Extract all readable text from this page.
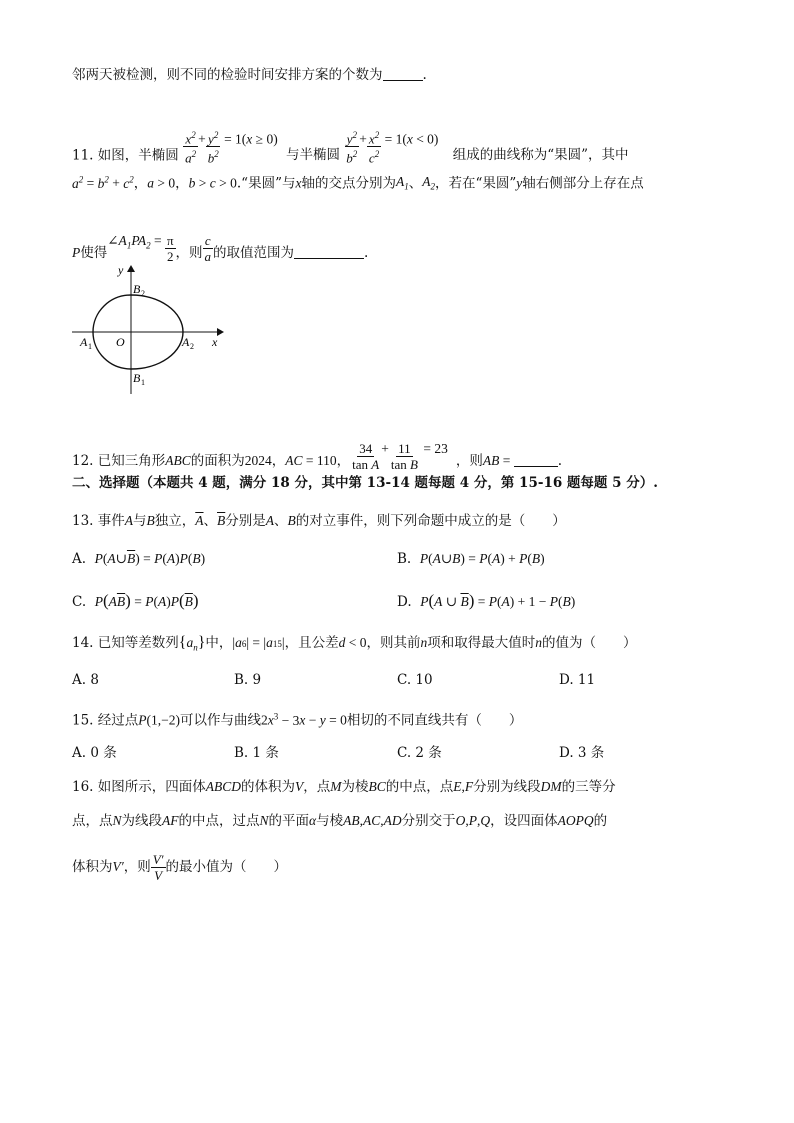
邻两天被检测，则不同的检验时间安排方案的个数为	.
11. 如图，半椭圆 $\frac{x^2}{a^2} + \frac{y^2}{b^2} = 1(x \ge 0)$ 与半椭圆 $\frac{y^2}{b^2} + \frac{x^2}{c^2} = 1(x < 0)$ 组成的曲线称为“果圆”，其中
$a^2 = b^2 + c^2$，a > 0，b > c > 0.“果圆”与x轴的交点分别为$A_1$、$A_2$，若在“果圆”y轴右侧部分上存在点
P使得$\angle A_1PA_2 = \frac{\pi}{2}$ ，则 $\frac{c}{a}$ 的取值范围为	.
y
x
O
A 1	A 2
B 2
B 1
12. 已知三角形ABC的面积为2024，AC = 110， $\frac{34}{\text{tan A}} + \frac{11}{\text{tan B}} = 23$，则AB =	.
二、选择题（本题共 4 题，满分 18 分，其中第 13-14 题每题 4 分，第 15-16 题每题 5 分）.
13. 事件A与B独立，$\overline{A}$、$\overline{B}$分别是A、B的对立事件，则下列命题中成立的是（　　）
A. $P(A\cup\overline{B}) = P(A)P(B)$	B. P(A∪B) = P(A) + P(B)
C. $P(A\overline{B}) = P(A)P(\overline{B})$	D. P(A ∪ $\overline{B}) = P(A) + 1 - P(B)$
14. 已知等差数列$\{a_n\}$中，|a6| = |a15|，且公差d < 0，则其前n项和取得最大值时n的值为（　　）
A. 8	B. 9	C. 10	D. 11
15. 经过点P(1,−2)可以作与曲线$2x^3 - 3x - y = 0$相切的不同直线共有（　　）
A. 0 条	B. 1 条	C. 2 条	D. 3 条
16. 如图所示，四面体ABCD的体积为V，点M为棱BC的中点，点E,F分别为线段DM的三等分
点，点N为线段AF的中点，过点N的平面α与棱AB,AC,AD分别交于O,P,Q，设四面体AOPQ的
体积为V′，则 $\frac{V'}{V}$ 的最小值为（　　）
